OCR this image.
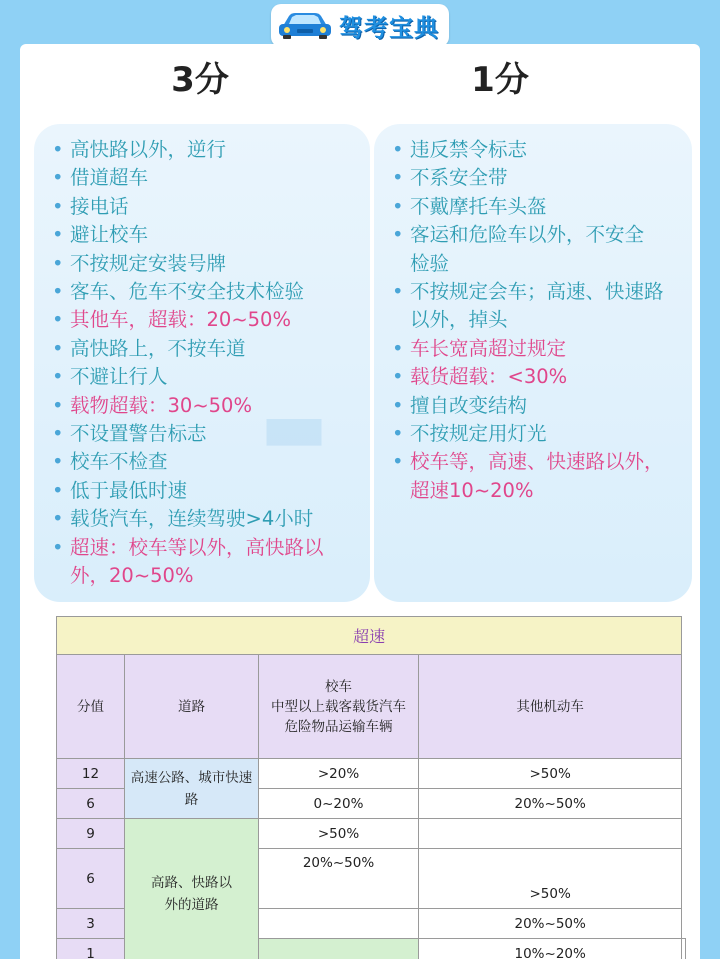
驾考宝典
3分	1分
• 高快路以外，逆行
• 借道超车
• 接电话
• 避让校车
• 不按规定安装号牌
• 客车、危车不安全技术检验
• 其他车，超载：20~50%
• 高快路上，不按车道
• 不避让行人
• 载物超载：30~50%
• 不设置警告标志
• 校车不检查
• 低于最低时速
• 载货汽车，连续驾驶>4小时
• 超速：校车等以外，高快路以
外，20~50%
• 违反禁令标志
• 不系安全带
• 不戴摩托车头盔
• 客运和危险车以外，不安全
检验
• 不按规定会车；高速、快速路
以外，掉头
• 车长宽高超过规定
• 载货超载：<30%
• 擅自改变结构
• 不按规定用灯光
• 校车等，高速、快速路以外，
超速10~20%
▬
超速				
分值	道路	校车
中型以上载客载货汽车
危险物品运输车辆	其他机动车	
12	高速公路、城市快速路	>20%	>50%	
6		0~20%	20%~50%	
9	高路、快路以外的道路	>50%		
6		20%~50%	>50%	
3			20%~50%	
1			10%~20%	
